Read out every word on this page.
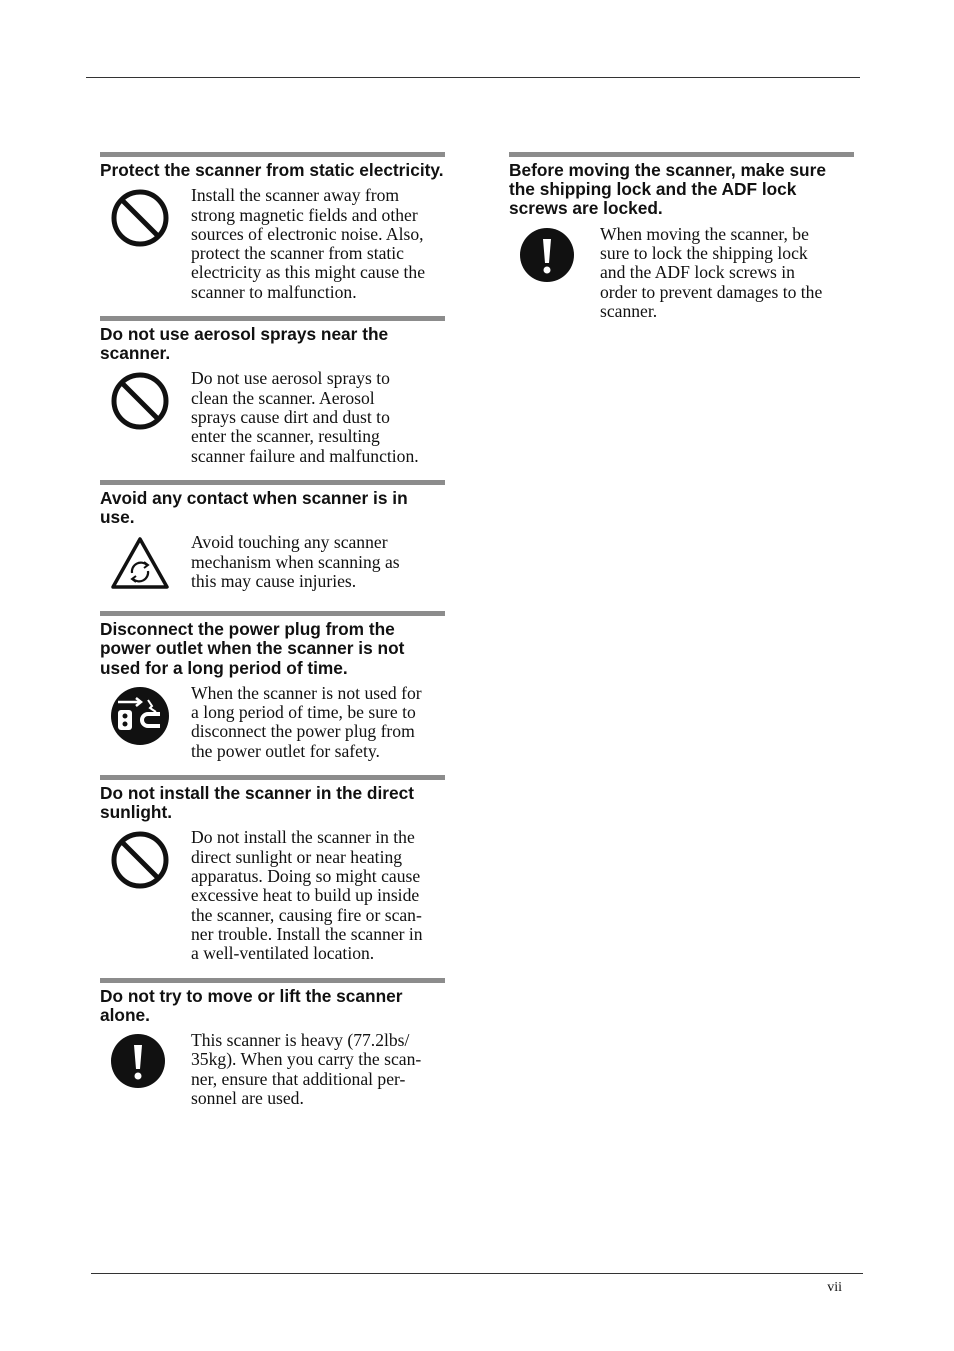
Protect the scanner from static electricity.
Install the scanner away from
strong magnetic fields and other
sources of electronic noise. Also,
protect the scanner from static
electricity as this might cause the
scanner to malfunction.
Do not use aerosol sprays near the scanner.
Do not use aerosol sprays to
clean the scanner. Aerosol
sprays cause dirt and dust to
enter the scanner, resulting
scanner failure and malfunction.
Avoid any contact when scanner is in use.
Avoid touching any scanner
mechanism when scanning as
this may cause injuries.
Disconnect the power plug from the power outlet when the scanner is not used for a long period of time.
When the scanner is not used for
a long period of time, be sure to
disconnect the power plug from
the power outlet for safety.
Do not install the scanner in the direct sunlight.
Do not install the scanner in the
direct sunlight or near heating
apparatus. Doing so might cause
excessive heat to build up inside
the scanner, causing fire or scan-
ner trouble. Install the scanner in
a well-ventilated location.
Do not try to move or lift the scanner alone.
This scanner is heavy (77.2lbs/
35kg). When you carry the scan-
ner, ensure that additional per-
sonnel are used.
Before moving the scanner, make sure the shipping lock and the ADF lock screws are locked.
When moving the scanner, be
sure to lock the shipping lock
and the ADF lock screws in
order to prevent damages to the
scanner.
vii
